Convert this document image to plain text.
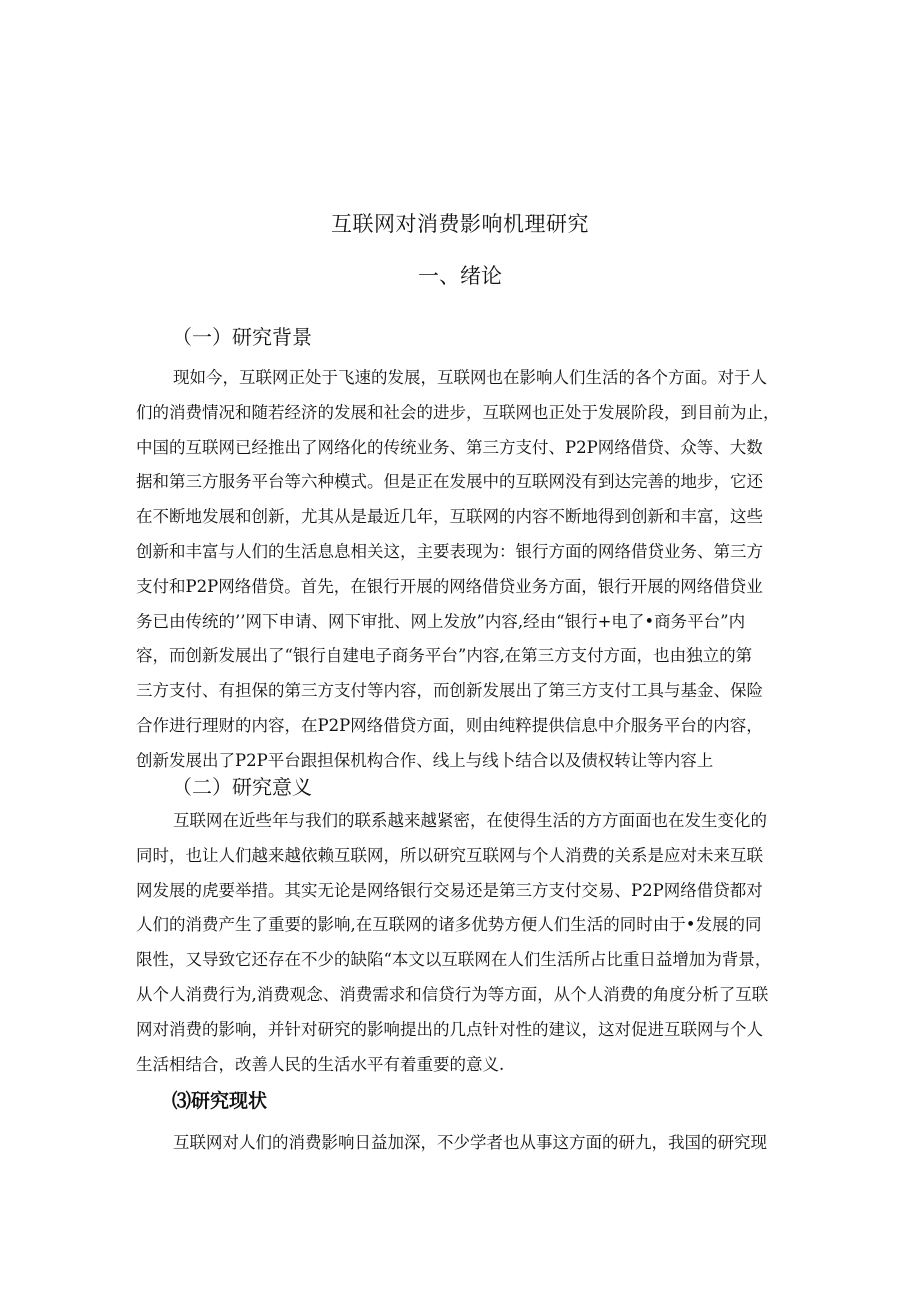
互联网对消费影响机理研究
一、绪论
（一）研究背景
现如今，互联网正处于飞速的发展，互联网也在影响人们生活的各个方面。对于人
们的消费情况和随若经济的发展和社会的进步，互联网也正处于发展阶段，到目前为止，
中国的互联网已经推出了网络化的传统业务、第三方支付、P2P网络借贷、众等、大数
据和第三方服务平台等六种模式。但是正在发展中的互联网没有到达完善的地步，它还
在不断地发展和创新，尤其从是最近几年，互联网的内容不断地得到创新和丰富，这些
创新和丰富与人们的生活息息相关这，主要表现为：银行方面的网络借贷业务、第三方
支付和P2P网络借贷。首先，在银行开展的网络借贷业务方面，银行开展的网络借贷业
务已由传统的’’网下申请、网下审批、网上发放”内容,经由“银行+电了•商务平台”内
容，而创新发展出了“银行自建电子商务平台”内容,在第三方支付方面，也由独立的第
三方支付、有担保的第三方支付等内容，而创新发展出了第三方支付工具与基金、保险
合作进行理财的内容，在P2P网络借贷方面，则由纯粹提供信息中介服务平台的内容，
创新发展出了P2P平台跟担保机构合作、线上与线卜结合以及债权转让等内容上
（二）研究意义
互联网在近些年与我们的联系越来越紧密，在使得生活的方方面面也在发生变化的
同时，也让人们越来越依赖互联网，所以研究互联网与个人消费的关系是应对未来互联
网发展的虎要举措。其实无论是网络银行交易还是第三方支付交易、P2P网络借贷都对
人们的消费产生了重要的影响,在互联网的诸多优势方便人们生活的同时由于•发展的同
限性，又导致它还存在不少的缺陷“本文以互联网在人们生活所占比重日益增加为背景，
从个人消费行为,消费观念、消费需求和信贷行为等方面，从个人消费的角度分析了互联
网对消费的影响，并针对研究的影响提出的几点针对性的建议，这对促进互联网与个人
生活相结合，改善人民的生活水平有着重要的意义.
⑶研究现状
互联网对人们的消费影响日益加深，不少学者也从事这方面的研九，我国的研究现
